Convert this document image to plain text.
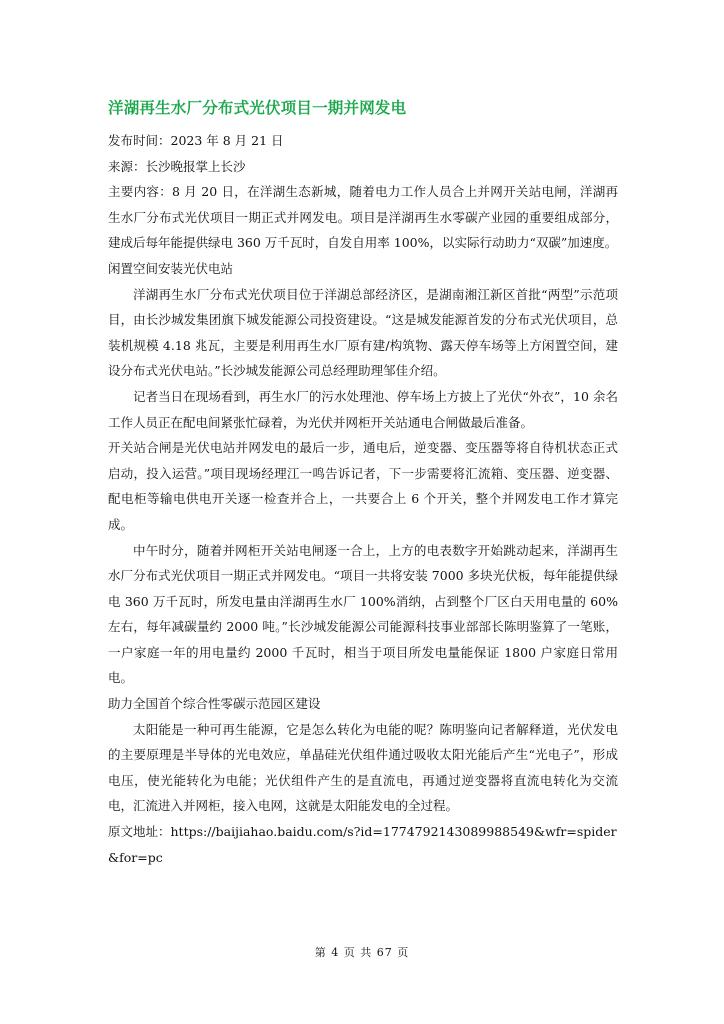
洋湖再生水厂分布式光伏项目一期并网发电

发布时间：2023 年 8 月 21 日

来源：长沙晚报掌上长沙

主要内容：8 月 20 日，在洋湖生态新城，随着电力工作人员合上并网开关站电闸，洋湖再生水厂分布式光伏项目一期正式并网发电。项目是洋湖再生水零碳产业园的重要组成部分，建成后每年能提供绿电 360 万千瓦时，自发自用率 100%，以实际行动助力“双碳”加速度。

闲置空间安装光伏电站

洋湖再生水厂分布式光伏项目位于洋湖总部经济区，是湖南湘江新区首批“两型”示范项目，由长沙城发集团旗下城发能源公司投资建设。“这是城发能源首发的分布式光伏项目，总装机规模 4.18 兆瓦，主要是利用再生水厂原有建/构筑物、露天停车场等上方闲置空间，建设分布式光伏电站。”长沙城发能源公司总经理助理邹佳介绍。

记者当日在现场看到，再生水厂的污水处理池、停车场上方披上了光伏“外衣”，10 余名工作人员正在配电间紧张忙碌着，为光伏并网柜开关站通电合闸做最后准备。

开关站合闸是光伏电站并网发电的最后一步，通电后，逆变器、变压器等将自待机状态正式启动，投入运营。”项目现场经理江一鸣告诉记者，下一步需要将汇流箱、变压器、逆变器、配电柜等输电供电开关逐一检查并合上，一共要合上 6 个开关，整个并网发电工作才算完成。

中午时分，随着并网柜开关站电闸逐一合上，上方的电表数字开始跳动起来，洋湖再生水厂分布式光伏项目一期正式并网发电。“项目一共将安装 7000 多块光伏板，每年能提供绿电 360 万千瓦时，所发电量由洋湖再生水厂 100%消纳，占到整个厂区白天用电量的 60%左右，每年减碳量约 2000 吨。”长沙城发能源公司能源科技事业部部长陈明鉴算了一笔账，一户家庭一年的用电量约 2000 千瓦时，相当于项目所发电量能保证 1800 户家庭日常用电。

助力全国首个综合性零碳示范园区建设

太阳能是一种可再生能源，它是怎么转化为电能的呢？陈明鉴向记者解释道，光伏发电的主要原理是半导体的光电效应，单晶硅光伏组件通过吸收太阳光能后产生“光电子”，形成电压，使光能转化为电能；光伏组件产生的是直流电，再通过逆变器将直流电转化为交流电，汇流进入并网柜，接入电网，这就是太阳能发电的全过程。

原文地址：https://baijiahao.baidu.com/s?id=1774792143089988549&wfr=spider&for=pc

第 4 页 共 67 页
